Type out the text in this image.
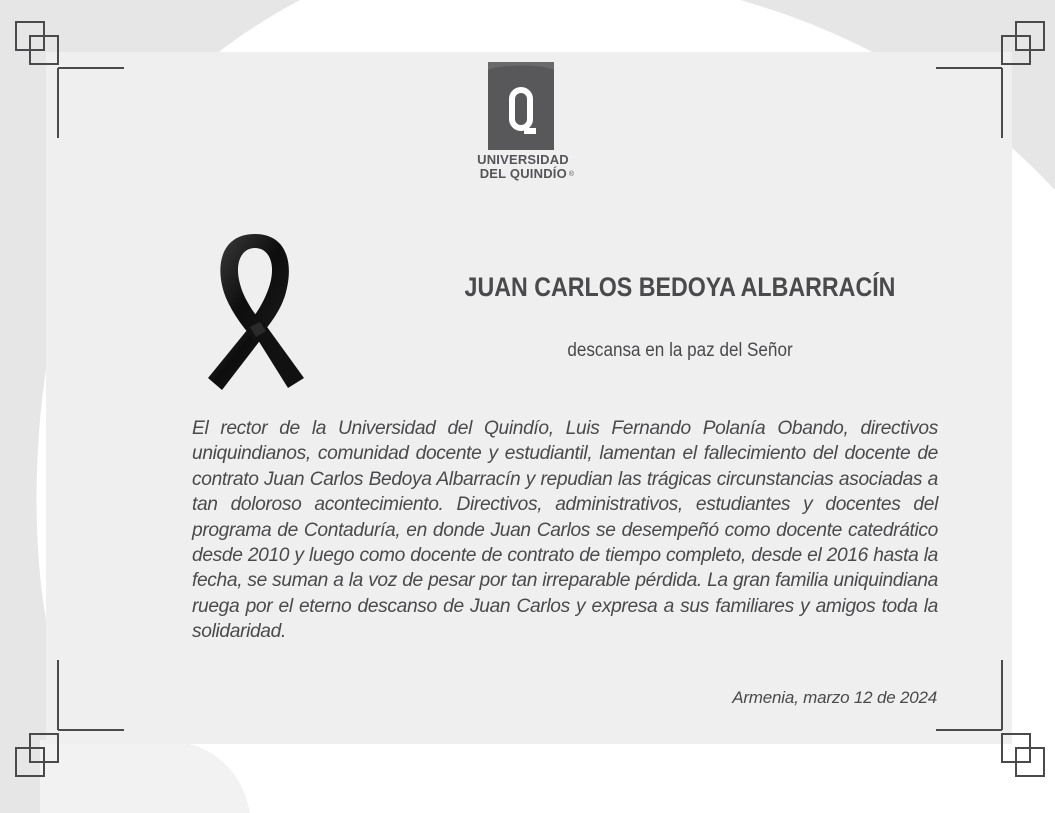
UNIVERSIDAD
DEL QUINDÍO ®
JUAN CARLOS BEDOYA ALBARRACÍN
descansa en la paz del Señor
El rector de la Universidad del Quindío, Luis Fernando Polanía Obando, directivos uniquindianos, comunidad docente y estudiantil, lamentan el fallecimiento del docente de contrato Juan Carlos Bedoya Albarracín y repudian las trágicas circunstancias asociadas a tan doloroso acontecimiento. Directivos, administrativos, estudiantes y docentes del programa de Contaduría, en donde Juan Carlos se desempeñó como docente catedrático desde 2010 y luego como docente de contrato de tiempo completo, desde el 2016 hasta la fecha, se suman a la voz de pesar por tan irreparable pérdida. La gran familia uniquindiana ruega por el eterno descanso de Juan Carlos y expresa a sus familiares y amigos toda la solidaridad.
Armenia, marzo 12 de 2024
